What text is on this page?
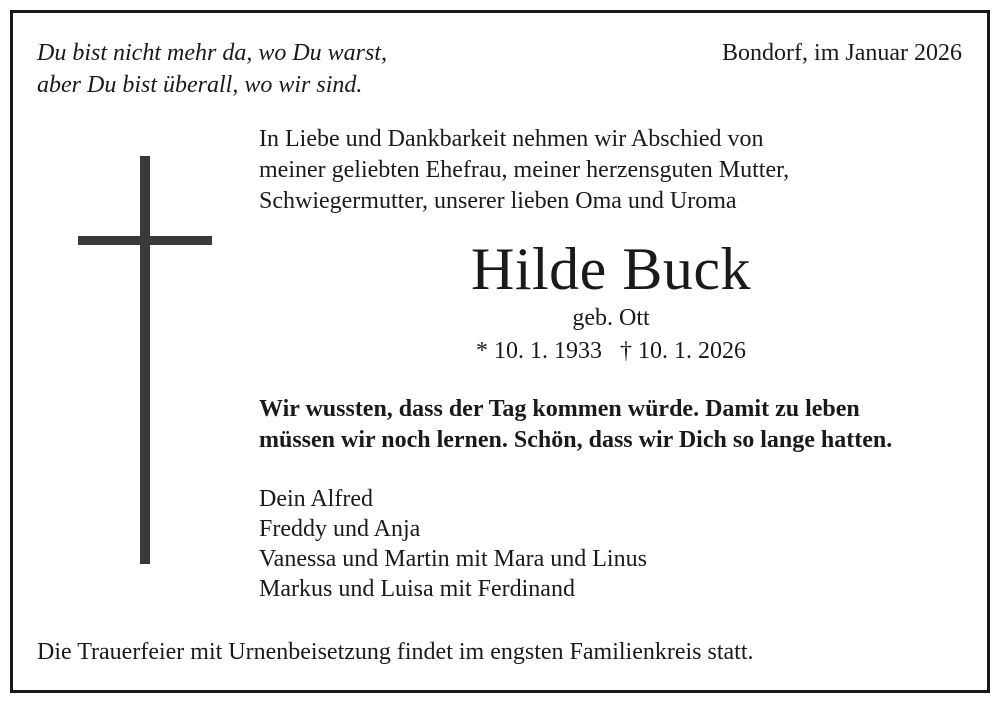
Du bist nicht mehr da, wo Du warst,
aber Du bist überall, wo wir sind.
Bondorf, im Januar 2026
In Liebe und Dankbarkeit nehmen wir Abschied von
meiner geliebten Ehefrau, meiner herzensguten Mutter,
Schwiegermutter, unserer lieben Oma und Uroma
Hilde Buck
geb. Ott
* 10. 1. 1933 † 10. 1. 2026
Wir wussten, dass der Tag kommen würde. Damit zu leben
müssen wir noch lernen. Schön, dass wir Dich so lange hatten.
Dein Alfred
Freddy und Anja
Vanessa und Martin mit Mara und Linus
Markus und Luisa mit Ferdinand
Die Trauerfeier mit Urnenbeisetzung findet im engsten Familienkreis statt.
